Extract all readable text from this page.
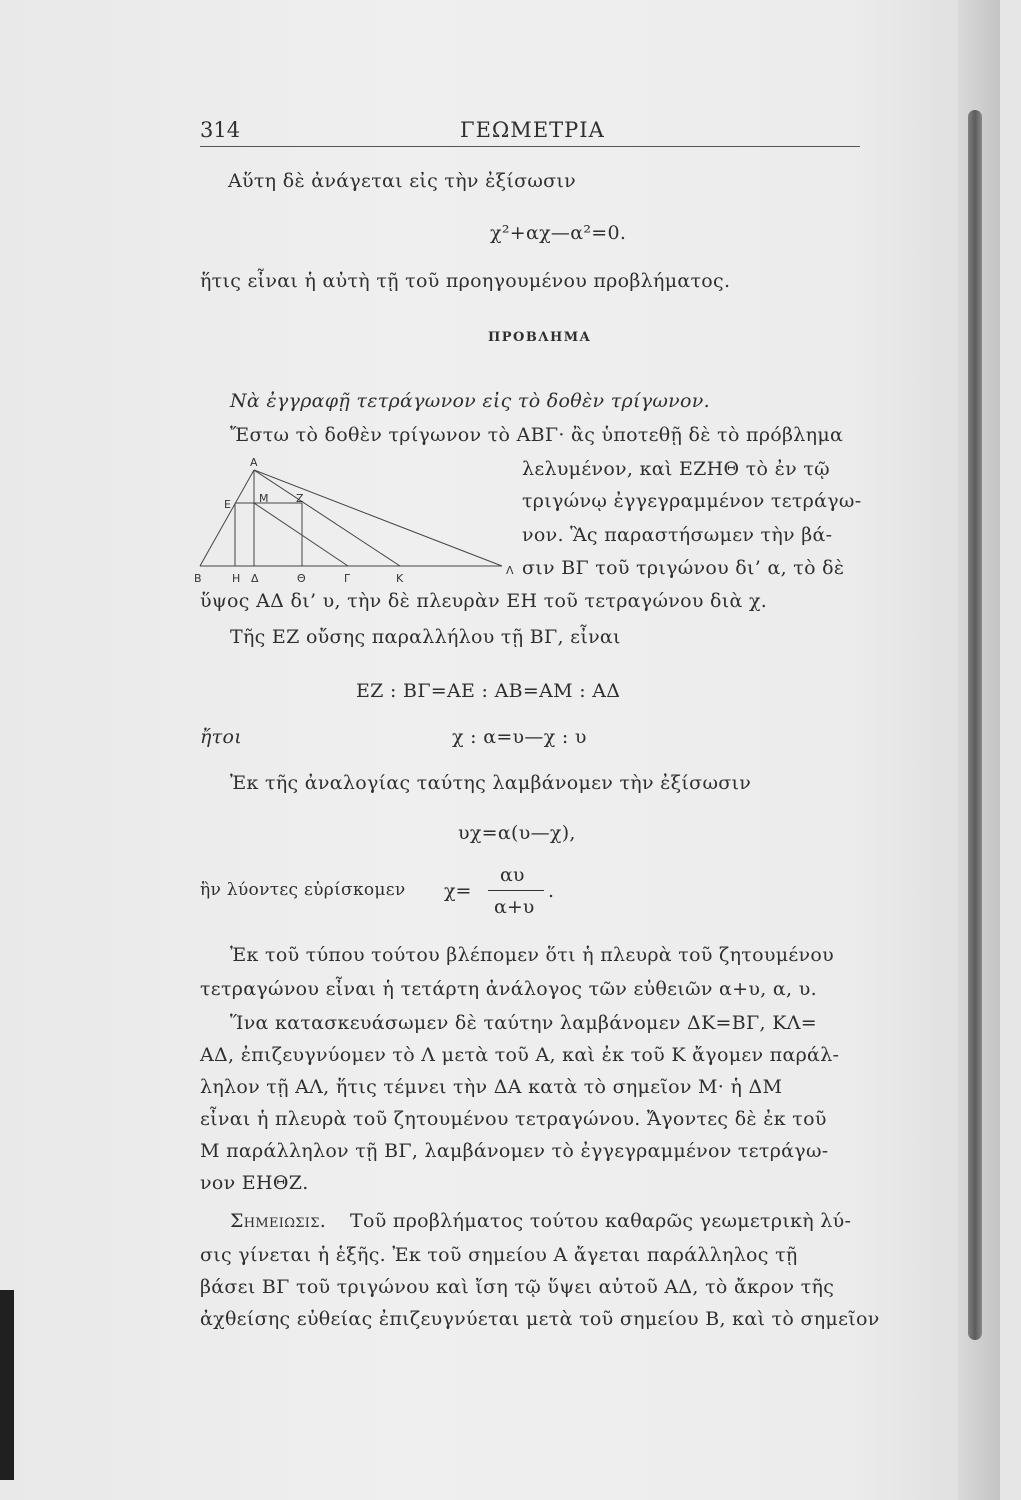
314	ΓΕΩΜΕΤΡΙΑ
Αὕτη δὲ ἀνάγεται εἰς τὴν ἐξίσωσιν
χ²+αχ—α²=0.
ἥτις εἶναι ἡ αὐτὴ τῇ τοῦ προηγουμένου προβλήματος.
ΠΡΟΒΛΗΜΑ
Νὰ ἐγγραφῇ τετράγωνον εἰς τὸ δοθὲν τρίγωνον.
Ἔστω τὸ δοθὲν τρίγωνον τὸ ΑΒΓ· ἂς ὑποτεθῇ δὲ τὸ πρόβλημα
λελυμένον, καὶ ΕΖΗΘ τὸ ἐν τῷ
τριγώνῳ ἐγγεγραμμένον τετράγω-
νον. Ἃς παραστήσωμεν τὴν βά-
σιν ΒΓ τοῦ τριγώνου δι’ α, τὸ δὲ
ὕψος ΑΔ δι’ υ, τὴν δὲ πλευρὰν ΕΗ τοῦ τετραγώνου διὰ χ.
Α
Ε	Μ	Ζ
Β	Η Δ	Θ	Γ	Κ
Λ
Τῆς ΕΖ οὔσης παραλλήλου τῇ ΒΓ, εἶναι
ΕΖ : ΒΓ=ΑΕ : ΑΒ=ΑΜ : ΑΔ
ἤτοι	χ : α=υ—χ : υ
Ἐκ τῆς ἀναλογίας ταύτης λαμβάνομεν τὴν ἐξίσωσιν
υχ=α(υ—χ),
ἣν λύοντες εὑρίσκομεν χ=
αυ
α+υ
.
Ἐκ τοῦ τύπου τούτου βλέπομεν ὅτι ἡ πλευρὰ τοῦ ζητουμένου
τετραγώνου εἶναι ἡ τετάρτη ἀνάλογος τῶν εὐθειῶν α+υ, α, υ.
Ἵνα κατασκευάσωμεν δὲ ταύτην λαμβάνομεν ΔΚ=ΒΓ, ΚΛ=
ΑΔ, ἐπιζευγνύομεν τὸ Λ μετὰ τοῦ Α, καὶ ἐκ τοῦ Κ ἄγομεν παράλ-
ληλον τῇ ΑΛ, ἥτις τέμνει τὴν ΔΑ κατὰ τὸ σημεῖον Μ· ἡ ΔΜ
εἶναι ἡ πλευρὰ τοῦ ζητουμένου τετραγώνου. Ἄγοντες δὲ ἐκ τοῦ
Μ παράλληλον τῇ ΒΓ, λαμβάνομεν τὸ ἐγγεγραμμένον τετράγω-
νον ΕΗΘΖ.
Σημειωσις. Τοῦ προβλήματος τούτου καθαρῶς γεωμετρικὴ λύ-
σις γίνεται ἡ ἑξῆς. Ἐκ τοῦ σημείου Α ἄγεται παράλληλος τῇ
βάσει ΒΓ τοῦ τριγώνου καὶ ἴση τῷ ὕψει αὐτοῦ ΑΔ, τὸ ἄκρον τῆς
ἀχθείσης εὐθείας ἐπιζευγνύεται μετὰ τοῦ σημείου Β, καὶ τὸ σημεῖον
